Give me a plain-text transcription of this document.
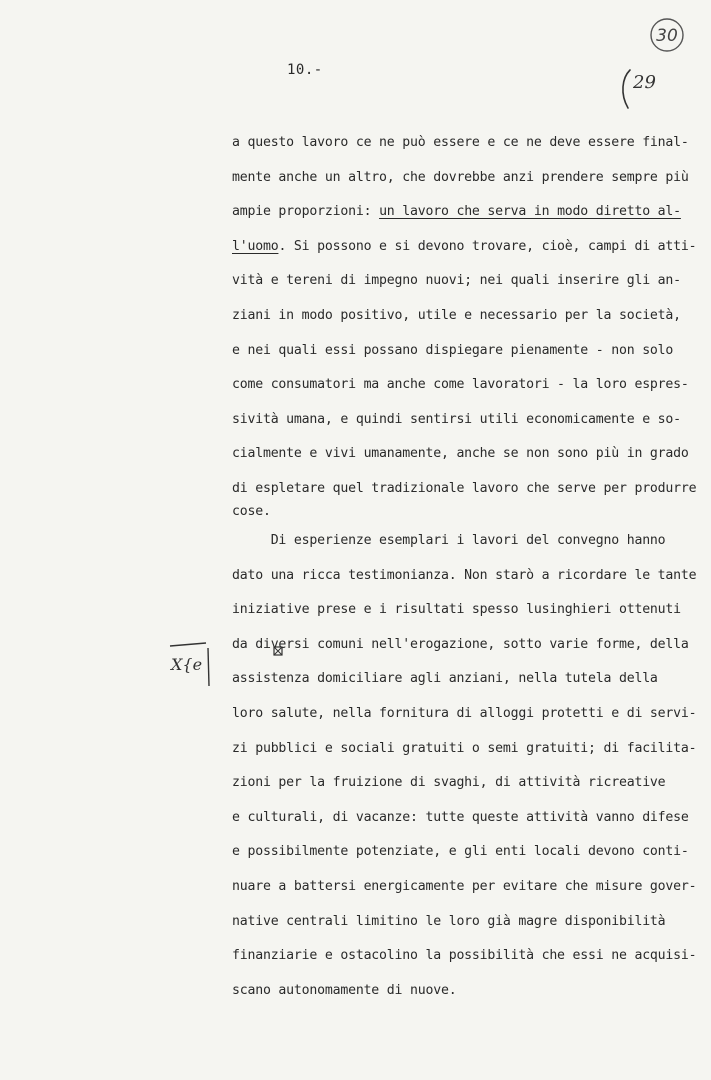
30
10.-
29
X{e
a questo lavoro ce ne può essere e ce ne deve essere final-
mente anche un altro, che dovrebbe anzi prendere sempre più
ampie proporzioni: un lavoro che serva in modo diretto al-
l'uomo. Si possono e si devono trovare, cioè, campi di atti-
vità e tereni di impegno nuovi; nei quali inserire gli an-
ziani in modo positivo, utile e necessario per la società,
e nei quali essi possano dispiegare pienamente - non solo
come consumatori ma anche come lavoratori - la loro espres-
sività umana, e quindi sentirsi utili economicamente e so-
cialmente e vivi umanamente, anche se non sono più in grado
di espletare quel tradizionale lavoro che serve per produrre
cose.
Di esperienze esemplari i lavori del convegno hanno
dato una ricca testimonianza. Non starò a ricordare le tante
iniziative prese e i risultati spesso lusinghieri ottenuti
da diversi comuni nell'erogazione, sotto varie forme, della
assistenza domiciliare agli anziani, nella tutela della
loro salute, nella fornitura di alloggi protetti e di servi-
zi pubblici e sociali gratuiti o semi gratuiti; di facilita-
zioni per la fruizione di svaghi, di attività ricreative
e culturali, di vacanze: tutte queste attività vanno difese
e possibilmente potenziate, e gli enti locali devono conti-
nuare a battersi energicamente per evitare che misure gover-
native centrali limitino le loro già magre disponibilità
finanziarie e ostacolino la possibilità che essi ne acquisi-
scano autonomamente di nuove.
